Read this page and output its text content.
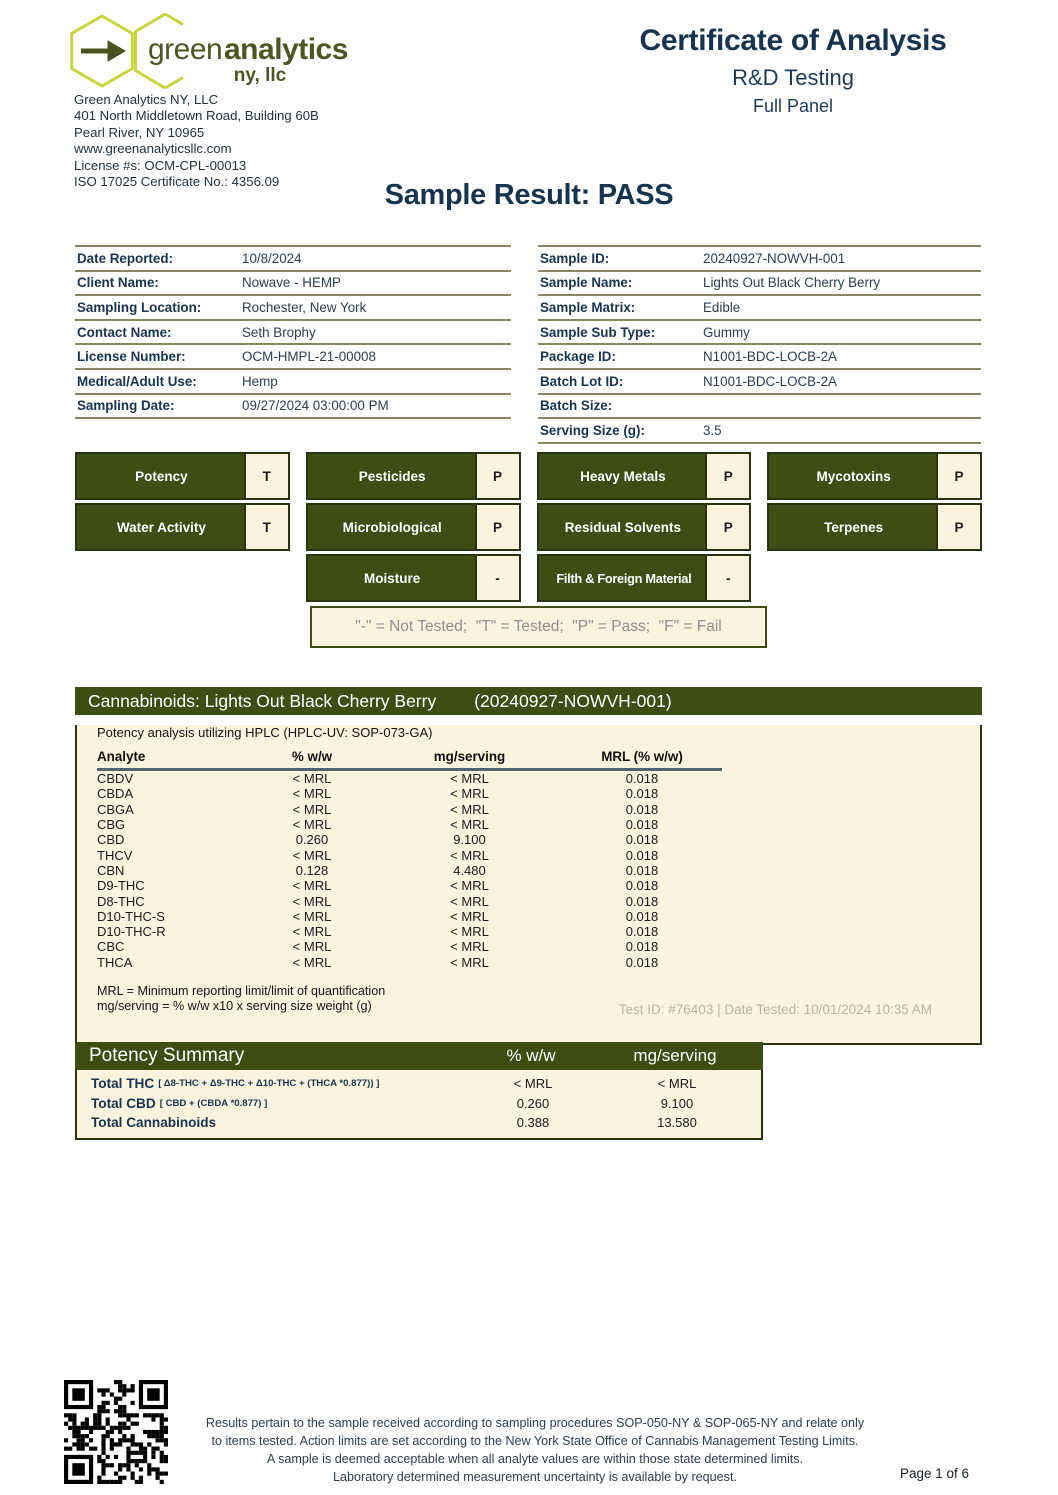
green analytics
ny, llc
Green Analytics NY, LLC
401 North Middletown Road, Building 60B
Pearl River, NY 10965
www.greenanalyticsllc.com
License #s: OCM-CPL-00013
ISO 17025 Certificate No.: 4356.09
Certificate of Analysis
R&D Testing
Full Panel
Sample Result: PASS
Date Reported:	10/8/2024
Client Name:	Nowave - HEMP
Sampling Location:	Rochester, New York
Contact Name:	Seth Brophy
License Number:	OCM-HMPL-21-00008
Medical/Adult Use:	Hemp
Sampling Date:	09/27/2024 03:00:00 PM
Sample ID:	20240927-NOWVH-001
Sample Name:	Lights Out Black Cherry Berry
Sample Matrix:	Edible
Sample Sub Type:	Gummy
Package ID:	N1001-BDC-LOCB-2A
Batch Lot ID:	N1001-BDC-LOCB-2A
Batch Size:
Serving Size (g):	3.5
Potency	T
Water Activity	T
Pesticides	P
Microbiological	P
Moisture	-
Heavy Metals	P
Residual Solvents	P
Filth & Foreign Material	-
Mycotoxins	P
Terpenes	P
"-" = Not Tested;  "T" = Tested;  "P" = Pass;  "F" = Fail
Cannabinoids: Lights Out Black Cherry Berry (20240927-NOWVH-001)
Potency analysis utilizing HPLC (HPLC-UV: SOP-073-GA)
Analyte	% w/w	mg/serving	MRL (% w/w)
CBDV	< MRL	< MRL	0.018
CBDA	< MRL	< MRL	0.018
CBGA	< MRL	< MRL	0.018
CBG	< MRL	< MRL	0.018
CBD	0.260	9.100	0.018
THCV	< MRL	< MRL	0.018
CBN	0.128	4.480	0.018
D9-THC	< MRL	< MRL	0.018
D8-THC	< MRL	< MRL	0.018
D10-THC-S	< MRL	< MRL	0.018
D10-THC-R	< MRL	< MRL	0.018
CBC	< MRL	< MRL	0.018
THCA	< MRL	< MRL	0.018
MRL = Minimum reporting limit/limit of quantification
mg/serving = % w/w x10 x serving size weight (g)	Test ID: #76403 | Date Tested: 10/01/2024 10:35 AM
Potency Summary	% w/w	mg/serving
Total THC [ Δ8-THC + Δ9-THC + Δ10-THC + (THCA *0.877)) ]	< MRL	< MRL
Total CBD [ CBD + (CBDA *0.877) ]	0.260	9.100
Total Cannabinoids	0.388	13.580
Results pertain to the sample received according to sampling procedures SOP-050-NY & SOP-065-NY and relate only
to items tested. Action limits are set according to the New York State Office of Cannabis Management Testing Limits.
A sample is deemed acceptable when all analyte values are within those state determined limits.
Laboratory determined measurement uncertainty is available by request.	Page 1 of 6
